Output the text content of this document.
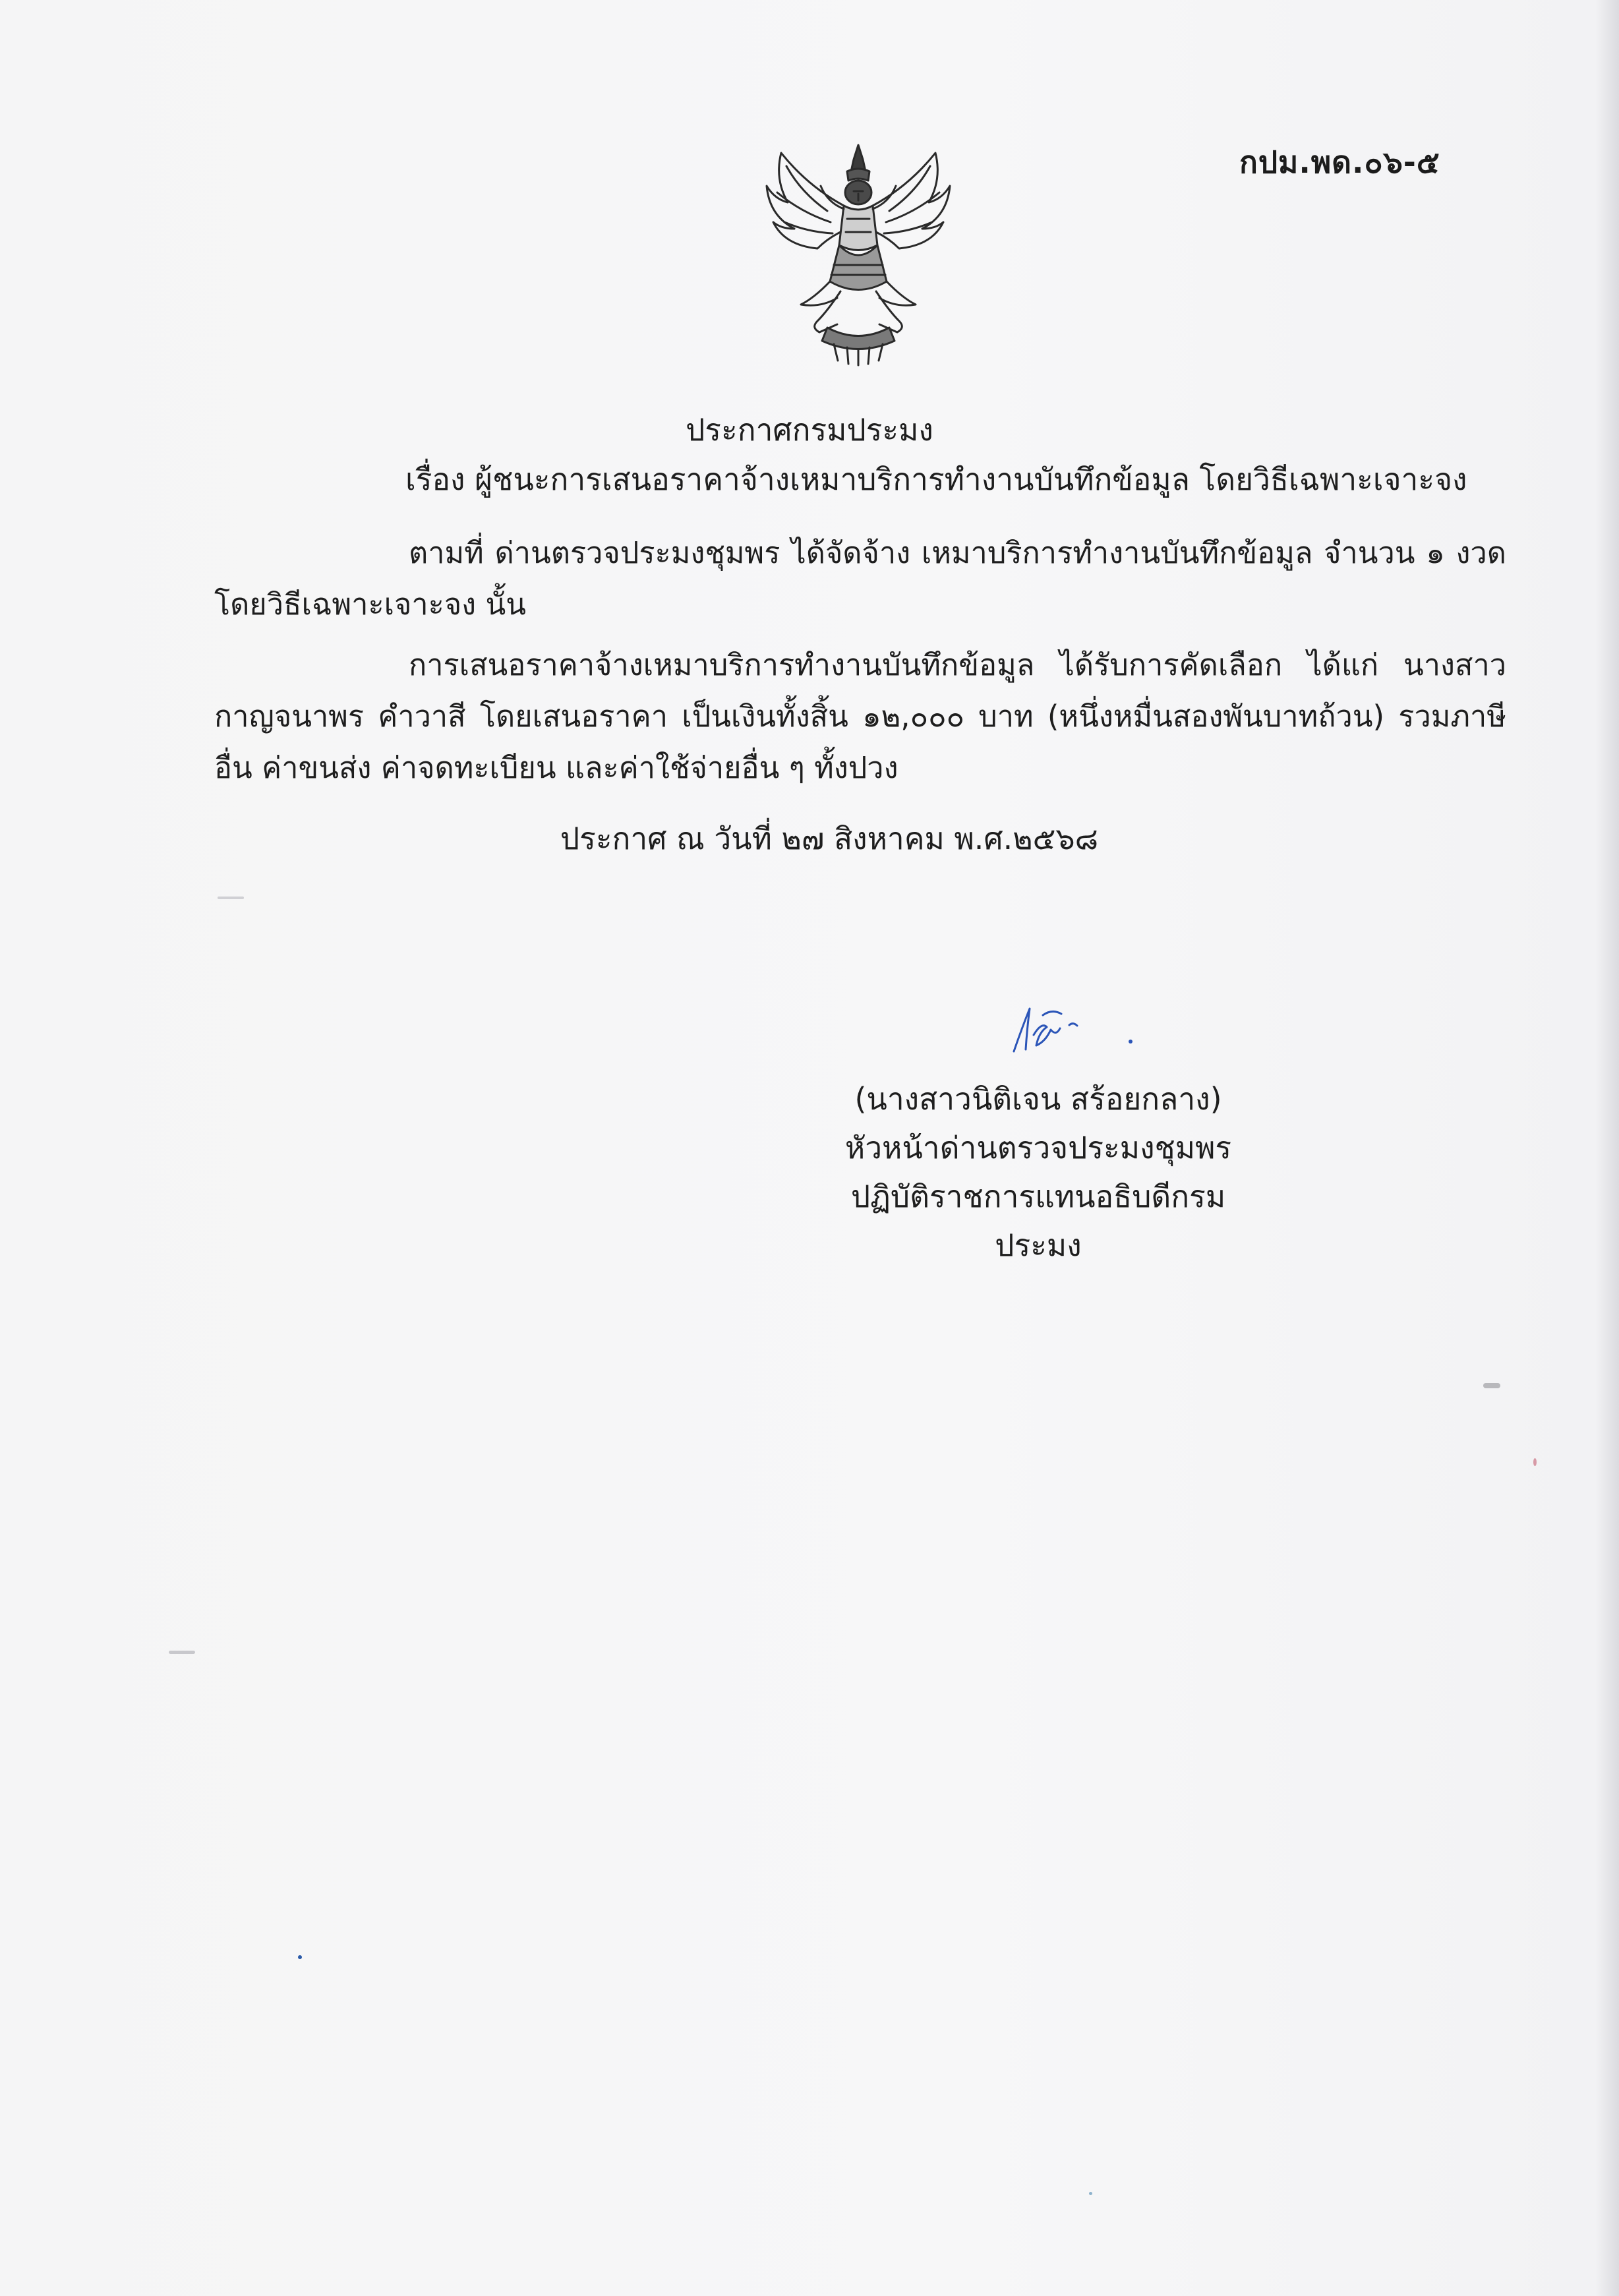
กปม.พด.๐๖-๕
ประกาศกรมประมง
เรื่อง ผู้ชนะการเสนอราคาจ้างเหมาบริการทำงานบันทึกข้อมูล โดยวิธีเฉพาะเจาะจง
ตามที่ ด่านตรวจประมงชุมพร ได้จัดจ้าง เหมาบริการทำงานบันทึกข้อมูล จำนวน ๑ งวด โดยวิธีเฉพาะเจาะจง นั้น
การเสนอราคาจ้างเหมาบริการทำงานบันทึกข้อมูล ได้รับการคัดเลือก ได้แก่ นางสาวกาญจนาพร คำวาสี โดยเสนอราคา เป็นเงินทั้งสิ้น ๑๒,๐๐๐ บาท (หนึ่งหมื่นสองพันบาทถ้วน) รวมภาษีอื่น ค่าขนส่ง ค่าจดทะเบียน และค่าใช้จ่ายอื่น ๆ ทั้งปวง
ประกาศ ณ วันที่ ๒๗ สิงหาคม พ.ศ.๒๕๖๘
(นางสาวนิติเจน สร้อยกลาง)
หัวหน้าด่านตรวจประมงชุมพร
ปฏิบัติราชการแทนอธิบดีกรมประมง
